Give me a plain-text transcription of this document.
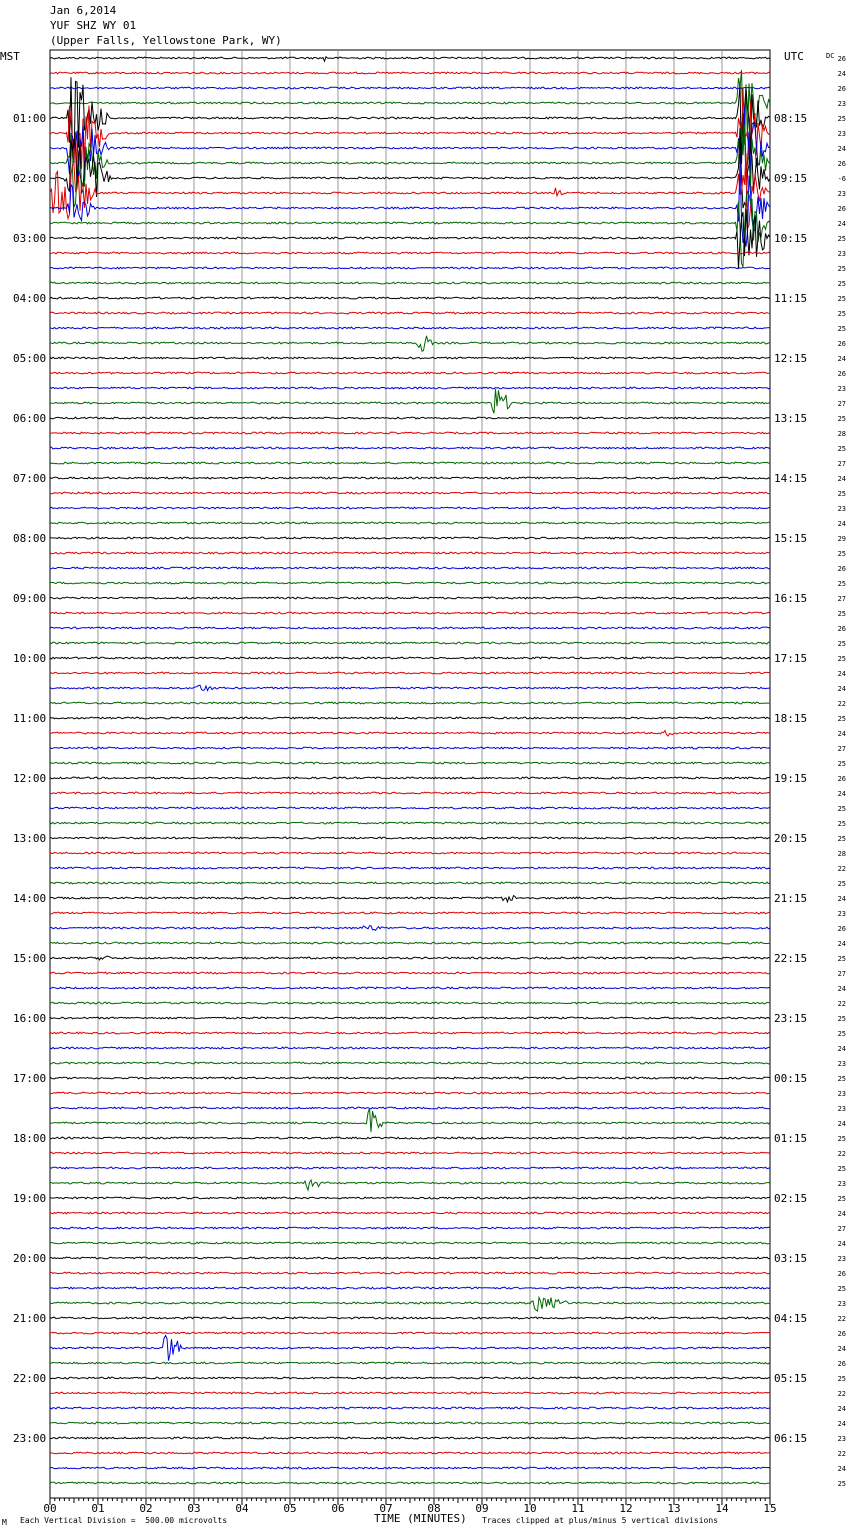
Jan 6,2014
YUF SHZ WY 01
(Upper Falls, Yellowstone Park, WY)
MST	UTC	DC
01:00	08:15
02:00	09:15
03:00	10:15
04:00	11:15
05:00	12:15
06:00	13:15
07:00	14:15
08:00	15:15
09:00	16:15
10:00	17:15
11:00	18:15
12:00	19:15
13:00	20:15
14:00	21:15
15:00	22:15
16:00	23:15
17:00	00:15
18:00	01:15
19:00	02:15
20:00	03:15
21:00	04:15
22:00	05:15
23:00	06:15
26
24
26
23
25
23
24
26
-6
23
26
24
25
23
25
25
25
25
25
26
24
26
23
27
25
28
25
27
24
25
23
24
29
25
26
25
27
25
26
25
25
24
24
22
25
24
27
25
26
24
25
25
25
28
22
25
24
23
26
24
25
27
24
22
25
25
24
23
25
23
23
24
25
22
25
23
25
24
27
24
23
26
25
23
22
26
24
26
25
22
24
24
23
22
24
25
00	01	02	03	04	05	06	07	08	09	10	11	12	13	14	15
M Each Vertical Division =  500.00 microvolts	TIME (MINUTES) Traces clipped at plus/minus 5 vertical divisions
